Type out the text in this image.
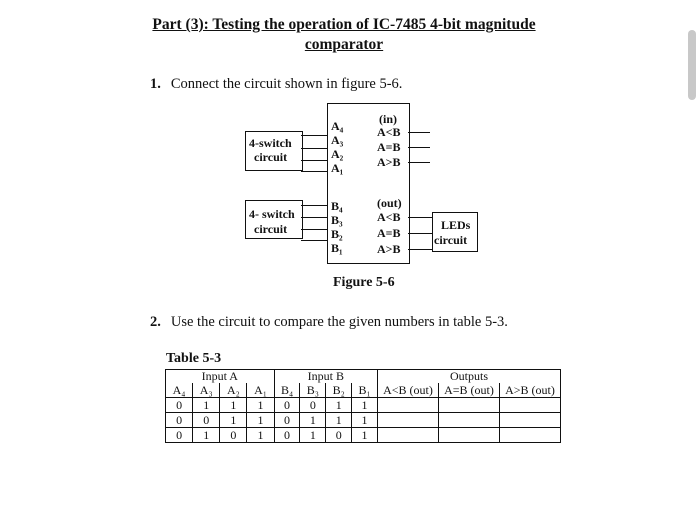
Part (3): Testing the operation of IC-7485 4-bit magnitude
comparator
1. Connect the circuit shown in figure 5-6.
4-switch
circuit
4- switch
circuit
A₄
A₃
A₂
A₁
B₄
B₃
B₂
B₁
(in)
A<B
A=B
A>B
(out)
A<B
A=B
A>B
LEDs
circuit
Figure 5-6
2. Use the circuit to compare the given numbers in table 5-3.
Table 5-3
Input A				Input B				Outputs		
A₄	A₃	A₂	A₁	B₄	B₃	B₂	B₁	A<B (out)	A=B (out)	A>B (out)
0	1	1	1	0	0	1	1			
0	0	1	1	0	1	1	1			
0	1	0	1	0	1	0	1			
